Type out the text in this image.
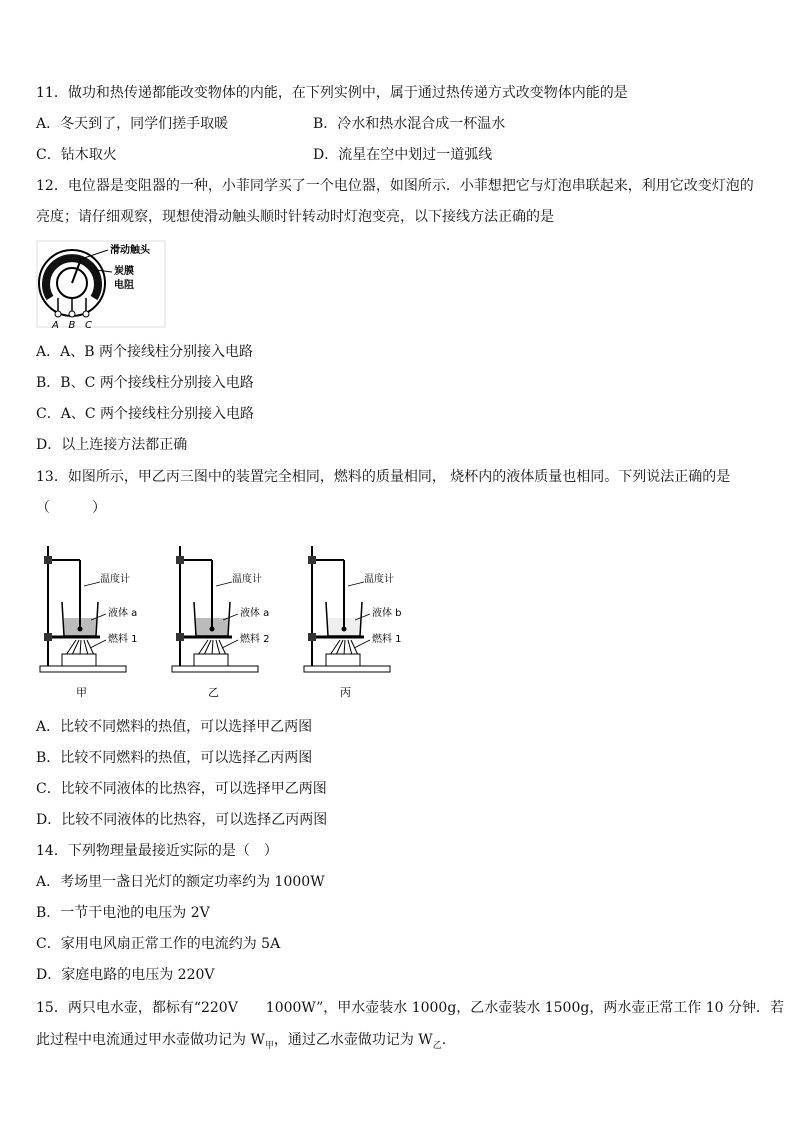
11．做功和热传递都能改变物体的内能，在下列实例中，属于通过热传递方式改变物体内能的是
A．冬天到了，同学们搓手取暖	B．冷水和热水混合成一杯温水
C．钻木取火	D．流星在空中划过一道弧线
12．电位器是变阻器的一种，小菲同学买了一个电位器，如图所示．小菲想把它与灯泡串联起来，利用它改变灯泡的
亮度；请仔细观察，现想使滑动触头顺时针转动时灯泡变亮，以下接线方法正确的是
滑动触头
炭膜
电阻
A B C
A．A、B 两个接线柱分别接入电路
B．B、C 两个接线柱分别接入电路
C．A、C 两个接线柱分别接入电路
D．以上连接方法都正确
13．如图所示，甲乙丙三图中的装置完全相同，燃料的质量相同， 烧杯内的液体质量也相同。下列说法正确的是
（　　　）
温度计
液体 a
燃料 1
甲
温度计
液体 a
燃料 2
乙
温度计
液体 b
燃料 1
丙
A．比较不同燃料的热值，可以选择甲乙两图
B．比较不同燃料的热值，可以选择乙丙两图
C．比较不同液体的比热容，可以选择甲乙两图
D．比较不同液体的比热容，可以选择乙丙两图
14．下列物理量最接近实际的是（　）
A．考场里一盏日光灯的额定功率约为 1000W
B．一节干电池的电压为 2V
C．家用电风扇正常工作的电流约为 5A
D．家庭电路的电压为 220V
15．两只电水壶，都标有“220V　　1000W”，甲水壶装水 1000g，乙水壶装水 1500g，两水壶正常工作 10 分钟．若
此过程中电流通过甲水壶做功记为 $W_甲$，通过乙水壶做功记为 $W_乙$.
